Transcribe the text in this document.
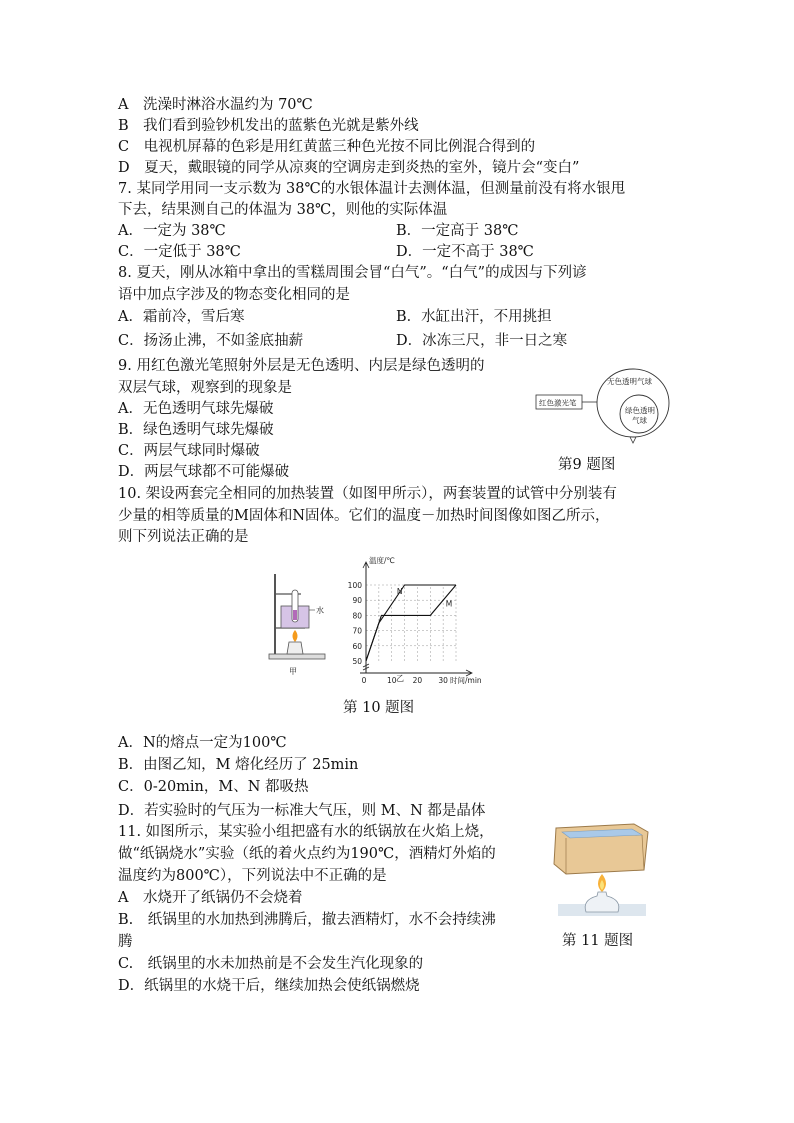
A　洗澡时淋浴水温约为 70℃
B　我们看到验钞机发出的蓝紫色光就是紫外线
C　电视机屏幕的色彩是用红黄蓝三种色光按不同比例混合得到的
D　夏天，戴眼镜的同学从凉爽的空调房走到炎热的室外，镜片会“变白”
7. 某同学用同一支示数为 38℃的水银体温计去测体温，但测量前没有将水银甩
下去，结果测自己的体温为 38℃，则他的实际体温
A．一定为 38℃	B．一定高于 38℃
C．一定低于 38℃	D．一定不高于 38℃
8. 夏天，刚从冰箱中拿出的雪糕周围会冒“白气”。“白气”的成因与下列谚
语中加点字涉及的物态变化相同的是
A．霜前冷，雪后寒	B．水缸出汗，不用挑担
C．扬汤止沸，不如釜底抽薪	D．冰冻三尺，非一日之寒
9. 用红色激光笔照射外层是无色透明、内层是绿色透明的
双层气球，观察到的现象是
A．无色透明气球先爆破
B．绿色透明气球先爆破
C．两层气球同时爆破
D．两层气球都不可能爆破
红色激光笔
无色透明气球
绿色透明
气球
第9 题图
10. 架设两套完全相同的加热装置（如图甲所示），两套装置的试管中分别装有
少量的相等质量的M固体和N固体。它们的温度－加热时间图像如图乙所示，
则下列说法正确的是
水
甲
50
60
70
80
90
100
0	10 20 30
温度/℃
时间/min
N
M
乙
第 10 题图
A．N的熔点一定为100℃
B．由图乙知，M 熔化经历了 25min
C．0-20min，M、N 都吸热
D．若实验时的气压为一标准大气压，则 M、N 都是晶体
11. 如图所示，某实验小组把盛有水的纸锅放在火焰上烧，
做“纸锅烧水”实验（纸的着火点约为190℃，酒精灯外焰的
温度约为800℃），下列说法中不正确的是
A　水烧开了纸锅仍不会烧着
B.　纸锅里的水加热到沸腾后，撤去酒精灯，水不会持续沸
腾
C.　纸锅里的水未加热前是不会发生汽化现象的
D．纸锅里的水烧干后，继续加热会使纸锅燃烧
第 11 题图
